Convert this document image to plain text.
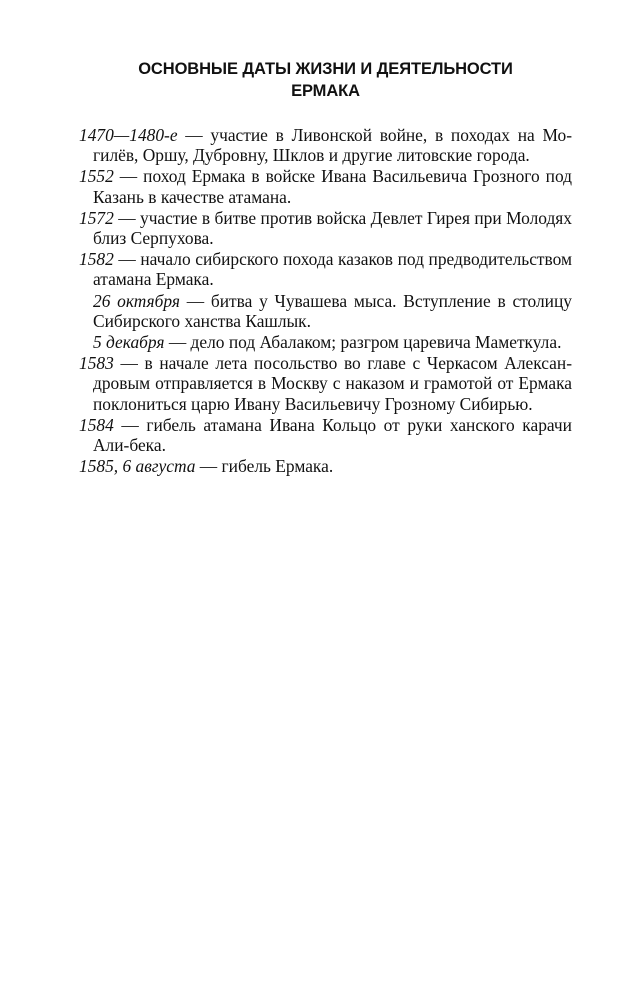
ОСНОВНЫЕ ДАТЫ ЖИЗНИ И ДЕЯТЕЛЬНОСТИ
ЕРМАКА

1470—1480-е — участие в Ливонской войне, в походах на Могилёв, Оршу, Дубровну, Шклов и другие литовские города.

1552 — поход Ермака в войске Ивана Васильевича Грозного под Казань в качестве атамана.

1572 — участие в битве против войска Девлет Гирея при Молодях близ Серпухова.

1582 — начало сибирского похода казаков под предводительством атамана Ермака.

26 октября — битва у Чувашева мыса. Вступление в столицу Сибирского ханства Кашлык.

5 декабря — дело под Абалаком; разгром царевича Маметкула.

1583 — в начале лета посольство во главе с Черкасом Александровым отправляется в Москву с наказом и грамотой от Ермака поклониться царю Ивану Васильевичу Грозному Сибирью.

1584 — гибель атамана Ивана Кольцо от руки ханского карачи Али-бека.

1585, 6 августа — гибель Ермака.
